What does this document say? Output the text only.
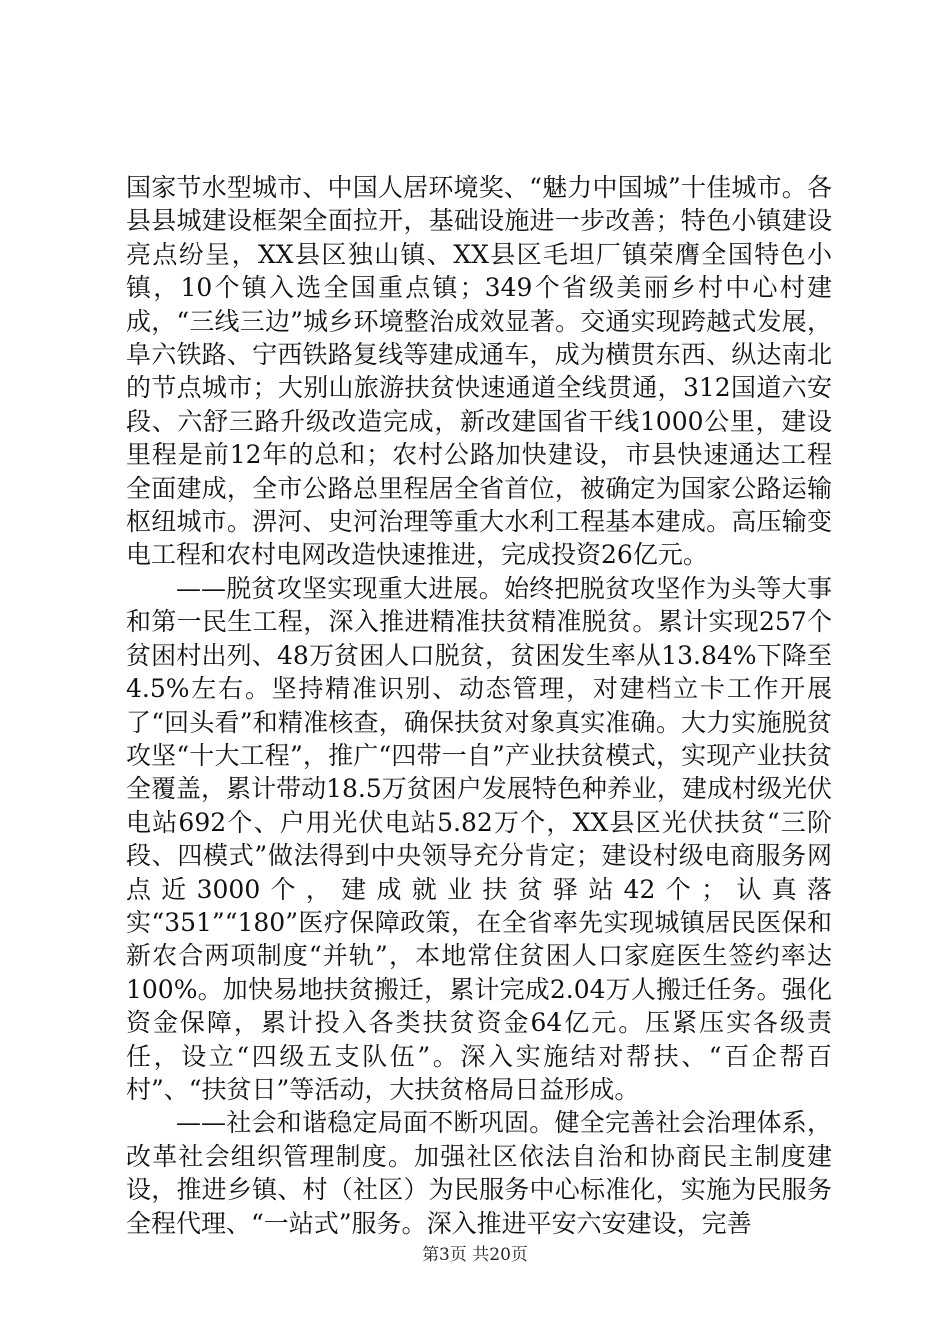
国家节水型城市、中国人居环境奖、“魅力中国城”十佳城市。各县县城建设框架全面拉开，基础设施进一步改善；特色小镇建设亮点纷呈，XX县区独山镇、XX县区毛坦厂镇荣膺全国特色小镇，10个镇入选全国重点镇；349个省级美丽乡村中心村建成，“三线三边”城乡环境整治成效显著。交通实现跨越式发展，阜六铁路、宁西铁路复线等建成通车，成为横贯东西、纵达南北的节点城市；大别山旅游扶贫快速通道全线贯通，312国道六安段、六舒三路升级改造完成，新改建国省干线1000公里，建设里程是前12年的总和；农村公路加快建设，市县快速通达工程全面建成，全市公路总里程居全省首位，被确定为国家公路运输枢纽城市。淠河、史河治理等重大水利工程基本建成。高压输变电工程和农村电网改造快速推进，完成投资26亿元。

——脱贫攻坚实现重大进展。始终把脱贫攻坚作为头等大事和第一民生工程，深入推进精准扶贫精准脱贫。累计实现257个贫困村出列、48万贫困人口脱贫，贫困发生率从13.84%下降至4.5%左右。坚持精准识别、动态管理，对建档立卡工作开展了“回头看”和精准核查，确保扶贫对象真实准确。大力实施脱贫攻坚“十大工程”，推广“四带一自”产业扶贫模式，实现产业扶贫全覆盖，累计带动18.5万贫困户发展特色种养业，建成村级光伏电站692个、户用光伏电站5.82万个，XX县区光伏扶贫“三阶段、四模式”做法得到中央领导充分肯定；建设村级电商服务网点近3000个，建成就业扶贫驿站42个；认真落实“351”“180”医疗保障政策，在全省率先实现城镇居民医保和新农合两项制度“并轨”，本地常住贫困人口家庭医生签约率达100%。加快易地扶贫搬迁，累计完成2.04万人搬迁任务。强化资金保障，累计投入各类扶贫资金64亿元。压紧压实各级责任，设立“四级五支队伍”。深入实施结对帮扶、“百企帮百村”、“扶贫日”等活动，大扶贫格局日益形成。

——社会和谐稳定局面不断巩固。健全完善社会治理体系，改革社会组织管理制度。加强社区依法自治和协商民主制度建设，推进乡镇、村（社区）为民服务中心标准化，实施为民服务全程代理、“一站式”服务。深入推进平安六安建设，完善

第3页 共20页
